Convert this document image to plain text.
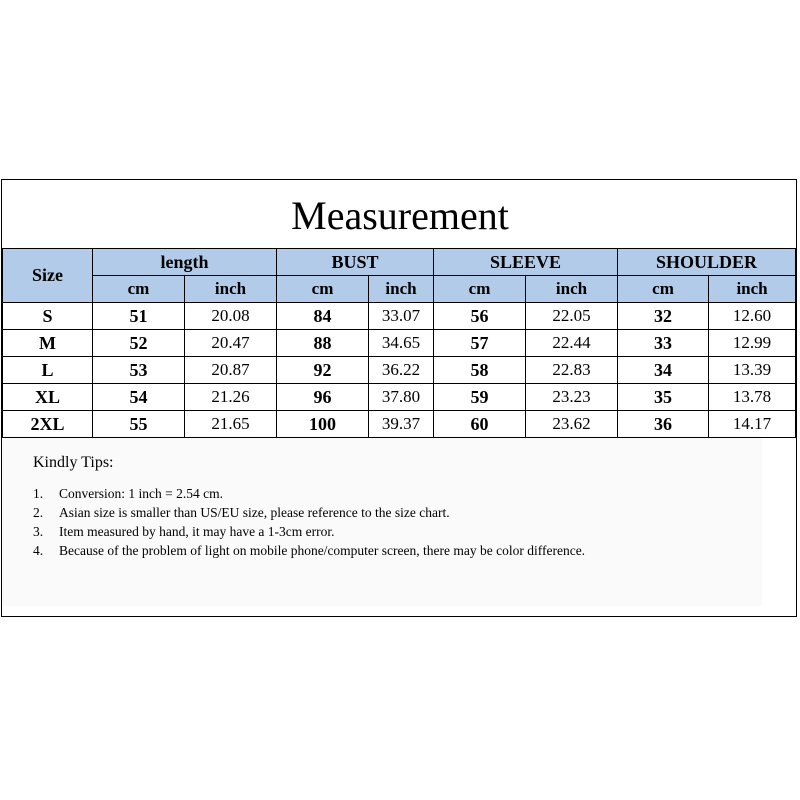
Measurement
Size	length		BUST		SLEEVE		SHOULDER	
	cm	inch	cm	inch	cm	inch	cm	inch
S	51	20.08	84	33.07	56	22.05	32	12.60
M	52	20.47	88	34.65	57	22.44	33	12.99
L	53	20.87	92	36.22	58	22.83	34	13.39
XL	54	21.26	96	37.80	59	23.23	35	13.78
2XL	55	21.65	100	39.37	60	23.62	36	14.17
Kindly Tips:
1. Conversion: 1 inch = 2.54 cm.
2. Asian size is smaller than US/EU size, please reference to the size chart.
3. Item measured by hand, it may have a 1-3cm error.
4. Because of the problem of light on mobile phone/computer screen, there may be color difference.
